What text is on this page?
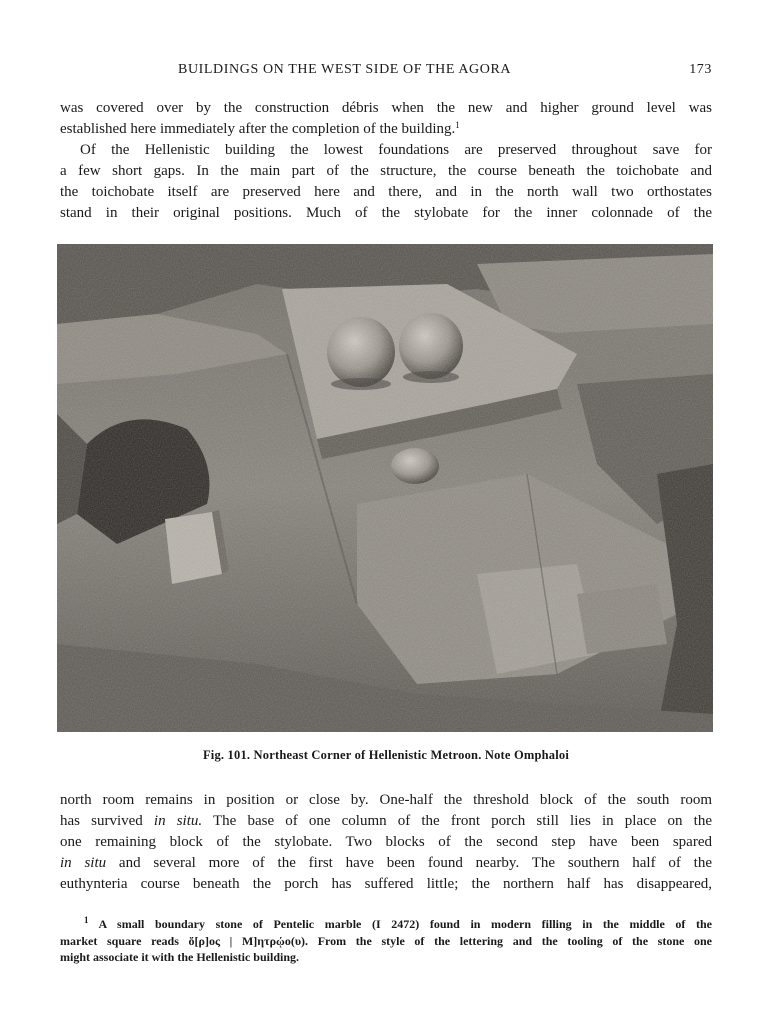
BUILDINGS ON THE WEST SIDE OF THE AGORA	173
was covered over by the construction débris when the new and higher ground level was
established here immediately after the completion of the building.$^1$
Of the Hellenistic building the lowest foundations are preserved throughout save for
a few short gaps. In the main part of the structure, the course beneath the toichobate and
the toichobate itself are preserved here and there, and in the north wall two orthostates
stand in their original positions. Much of the stylobate for the inner colonnade of the
Fig. 101. Northeast Corner of Hellenistic Metroon. Note Omphaloi
north room remains in position or close by. One-half the threshold block of the south room
has survived in situ. The base of one column of the front porch still lies in place on the
one remaining block of the stylobate. Two blocks of the second step have been spared
in situ and several more of the first have been found nearby. The southern half of the
euthynteria course beneath the porch has suffered little; the northern half has disappeared,
$^1$ A small boundary stone of Pentelic marble (I 2472) found in modern filling in the middle of the
market square reads ὅ[ρ]ος | Μ]ητρῴο(υ). From the style of the lettering and the tooling of the stone one
might associate it with the Hellenistic building.
